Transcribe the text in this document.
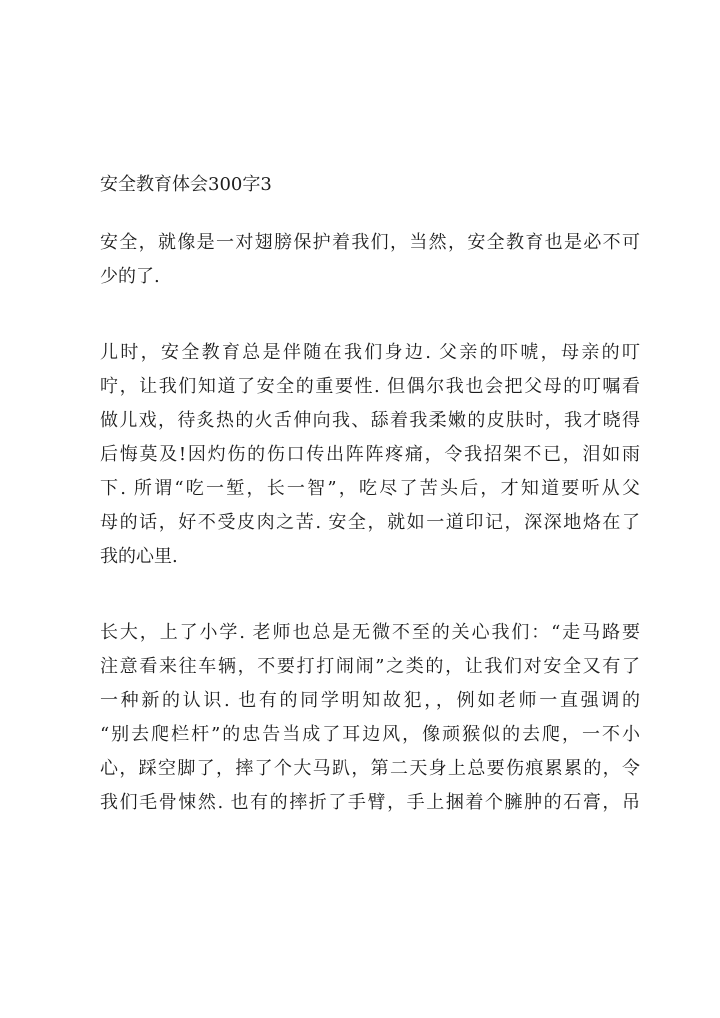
安全教育体会300字3
安全，就像是一对翅膀保护着我们，当然，安全教育也是必不可
少的了.
儿时，安全教育总是伴随在我们身边. 父亲的吓唬，母亲的叮
咛，让我们知道了安全的重要性. 但偶尔我也会把父母的叮嘱看
做儿戏，待炙热的火舌伸向我、舔着我柔嫩的皮肤时，我才晓得
后悔莫及!因灼伤的伤口传出阵阵疼痛，令我招架不已，泪如雨
下. 所谓“吃一堑，长一智”，吃尽了苦头后，才知道要听从父
母的话，好不受皮肉之苦. 安全，就如一道印记，深深地烙在了
我的心里.
长大，上了小学. 老师也总是无微不至的关心我们：“走马路要
注意看来往车辆，不要打打闹闹”之类的，让我们对安全又有了
一种新的认识. 也有的同学明知故犯，，例如老师一直强调的
“别去爬栏杆”的忠告当成了耳边风，像顽猴似的去爬，一不小
心，踩空脚了，摔了个大马趴，第二天身上总要伤痕累累的，令
我们毛骨悚然. 也有的摔折了手臂，手上捆着个臃肿的石膏，吊
